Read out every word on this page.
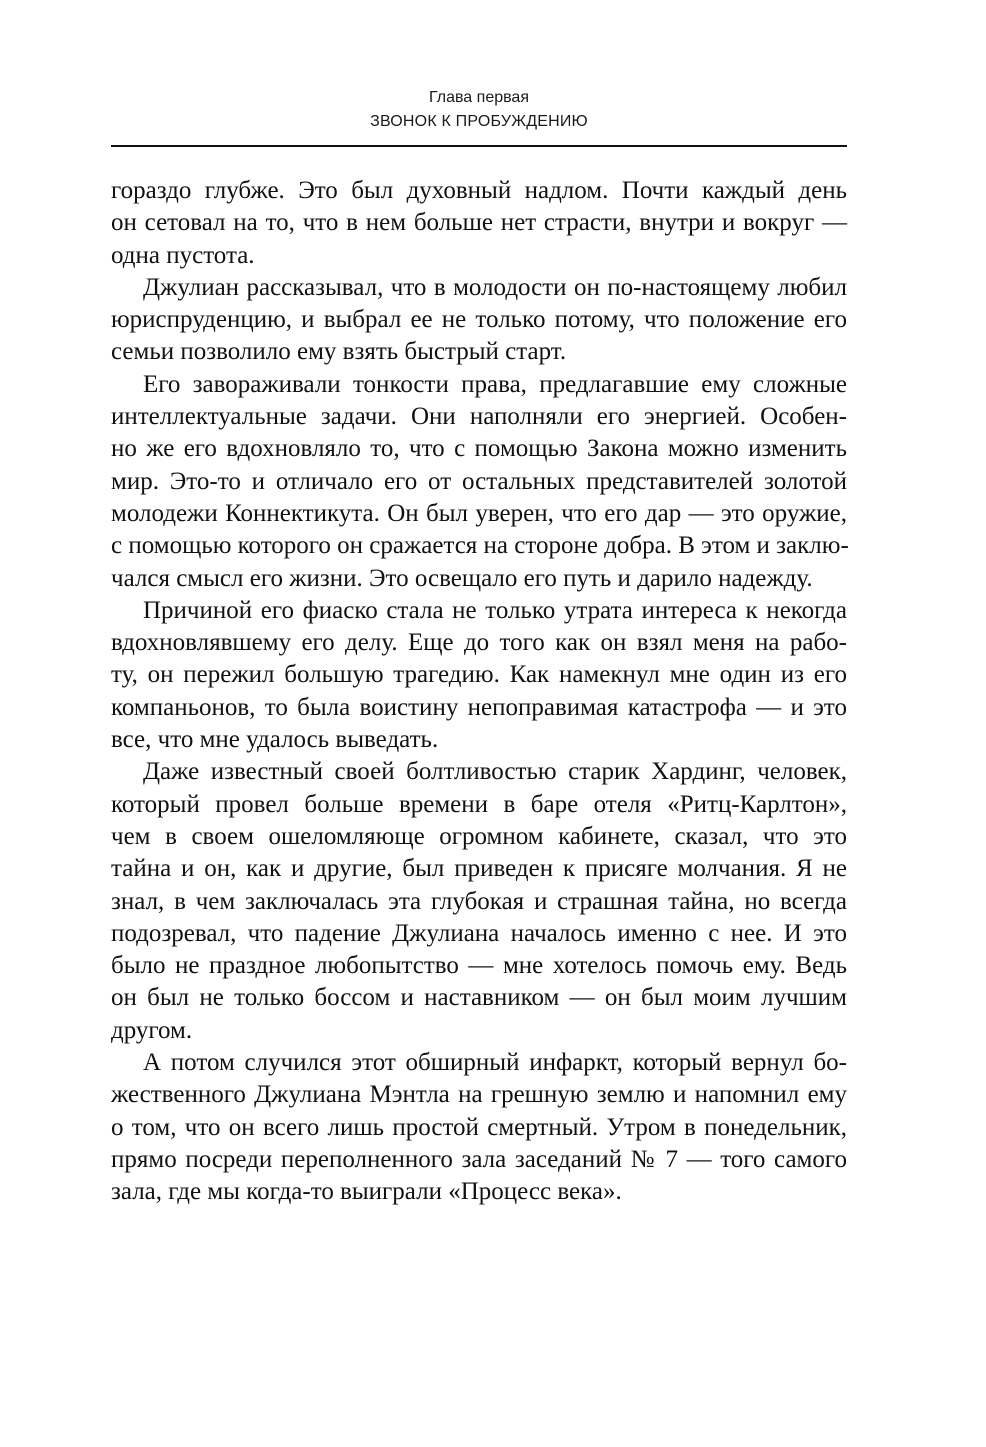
Глава первая
ЗВОНОК К ПРОБУЖДЕНИЮ
гораздо глубже. Это был духовный надлом. Почти каждый день
он сетовал на то, что в нем больше нет страсти, внутри и вокруг —
одна пустота.
Джулиан рассказывал, что в молодости он по-настоящему любил
юриспруденцию, и выбрал ее не только потому, что положение его
семьи позволило ему взять быстрый старт.
Его завораживали тонкости права, предлагавшие ему сложные
интеллектуальные задачи. Они наполняли его энергией. Особен-
но же его вдохновляло то, что с помощью Закона можно изменить
мир. Это-то и отличало его от остальных представителей золотой
молодежи Коннектикута. Он был уверен, что его дар — это оружие,
с помощью которого он сражается на стороне добра. В этом и заклю-
чался смысл его жизни. Это освещало его путь и дарило надежду.
Причиной его фиаско стала не только утрата интереса к некогда
вдохновлявшему его делу. Еще до того как он взял меня на рабо-
ту, он пережил большую трагедию. Как намекнул мне один из его
компаньонов, то была воистину непоправимая катастрофа — и это
все, что мне удалось выведать.
Даже известный своей болтливостью старик Хардинг, человек,
который провел больше времени в баре отеля «Ритц-Карлтон»,
чем в своем ошеломляюще огромном кабинете, сказал, что это
тайна и он, как и другие, был приведен к присяге молчания. Я не
знал, в чем заключалась эта глубокая и страшная тайна, но всегда
подозревал, что падение Джулиана началось именно с нее. И это
было не праздное любопытство — мне хотелось помочь ему. Ведь
он был не только боссом и наставником — он был моим лучшим
другом.
А потом случился этот обширный инфаркт, который вернул бо-
жественного Джулиана Мэнтла на грешную землю и напомнил ему
о том, что он всего лишь простой смертный. Утром в понедельник,
прямо посреди переполненного зала заседаний № 7 — того самого
зала, где мы когда-то выиграли «Процесс века».
